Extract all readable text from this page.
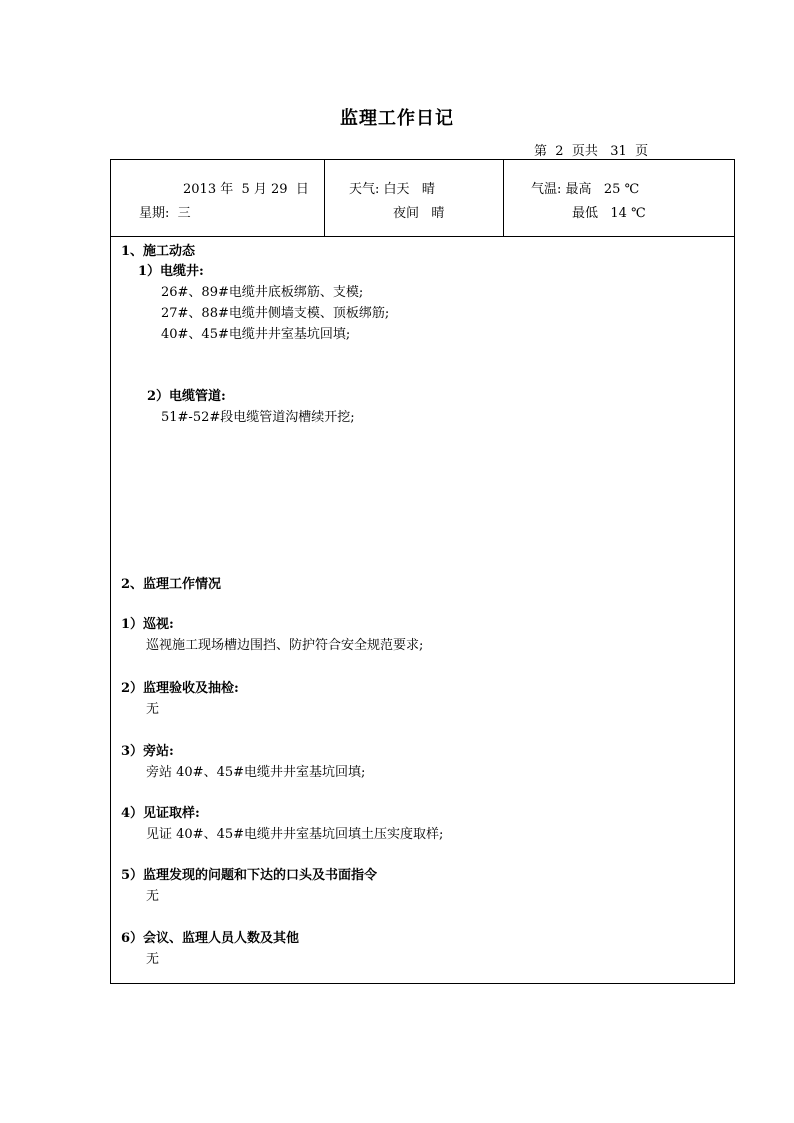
监理工作日记
第 2 页共 31 页
2013 年  5 月 29  日
星期:  三
天气: 白天   晴
夜间   晴
气温: 最高   25 ℃
最低   14 ℃
1、施工动态
1）电缆井:
26#、89#电缆井底板绑筋、支模;
27#、88#电缆井侧墙支模、顶板绑筋;
40#、45#电缆井井室基坑回填;
2）电缆管道:
51#-52#段电缆管道沟槽续开挖;
2、监理工作情况
1）巡视:
巡视施工现场槽边围挡、防护符合安全规范要求;
2）监理验收及抽检:
无
3）旁站:
旁站 40#、45#电缆井井室基坑回填;
4）见证取样:
见证 40#、45#电缆井井室基坑回填土压实度取样;
5）监理发现的问题和下达的口头及书面指令
无
6）会议、监理人员人数及其他
无
